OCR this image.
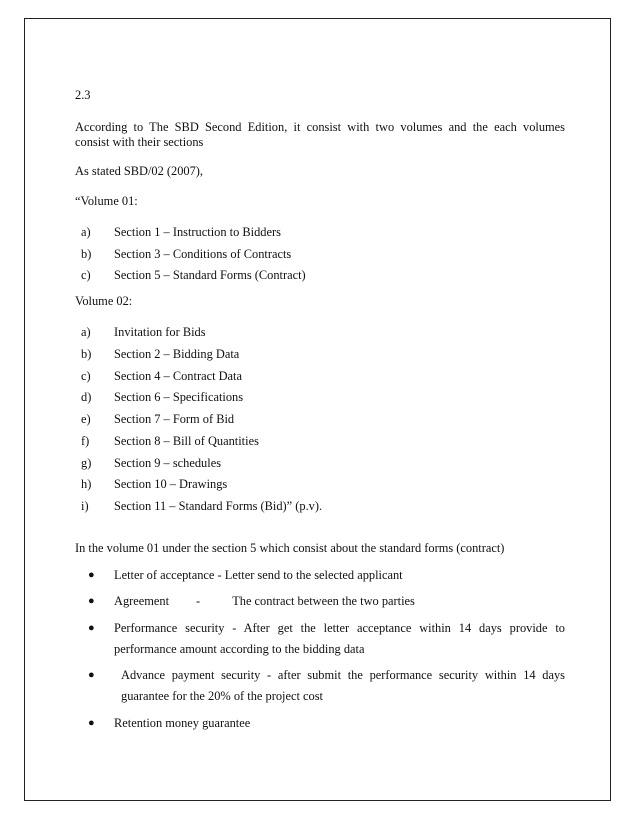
2.3

According to The SBD Second Edition, it consist with two volumes and the each volumes

consist with their sections

As stated SBD/02 (2007),

“Volume 01:

a) Section 1 – Instruction to Bidders
b) Section 3 – Conditions of Contracts
c) Section 5 – Standard Forms (Contract)

Volume 02:

a) Invitation for Bids
b) Section 2 – Bidding Data
c) Section 4 – Contract Data
d) Section 6 – Specifications
e) Section 7 – Form of Bid
f) Section 8 – Bill of Quantities
g) Section 9 – schedules
h) Section 10 – Drawings
i) Section 11 – Standard Forms (Bid)” (p.v).

In the volume 01 under the section 5 which consist about the standard forms (contract)

● Letter of acceptance - Letter send to the selected applicant
● Agreement -	The contract between the two parties
● Performance security - After get the letter acceptance within 14 days provide to
performance amount according to the bidding data
●	Advance payment security - after submit the performance security within 14 days
guarantee for the 20% of the project cost
● Retention money guarantee
